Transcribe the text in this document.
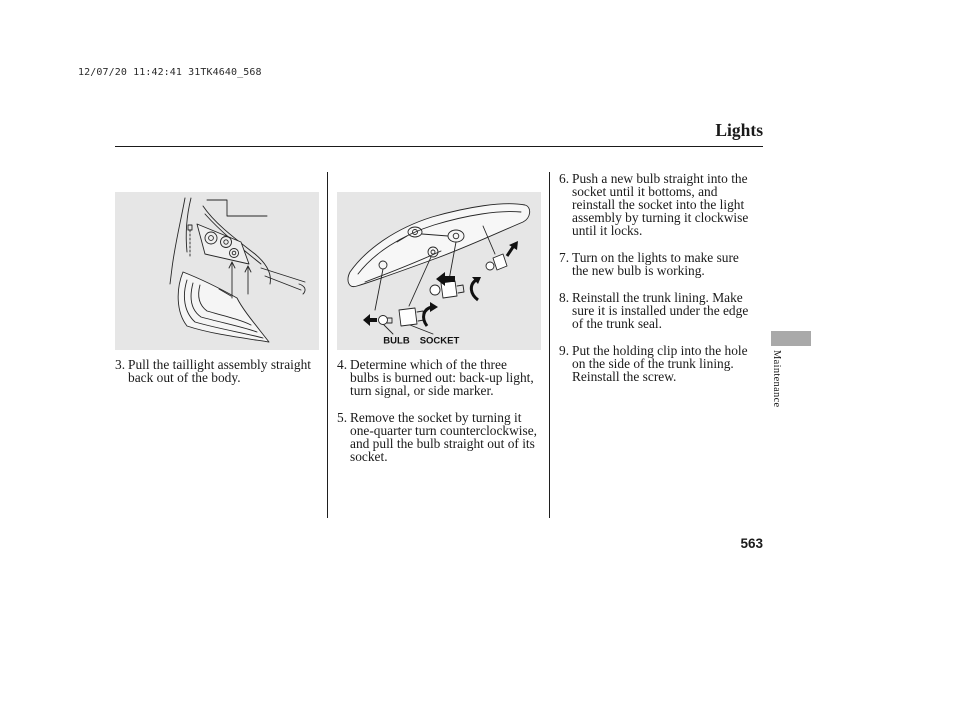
12/07/20 11:42:41 31TK4640_568
Lights
BULB SOCKET
3. Pull the taillight assembly straight
back out of the body.
4. Determine which of the three
bulbs is burned out: back-up light,
turn signal, or side marker.
5. Remove the socket by turning it
one-quarter turn counterclockwise,
and pull the bulb straight out of its
socket.
6. Push a new bulb straight into the
socket until it bottoms, and
reinstall the socket into the light
assembly by turning it clockwise
until it locks.
7. Turn on the lights to make sure
the new bulb is working.
8. Reinstall the trunk lining. Make
sure it is installed under the edge
of the trunk seal.
9. Put the holding clip into the hole
on the side of the trunk lining.
Reinstall the screw.	Maintenance
563
